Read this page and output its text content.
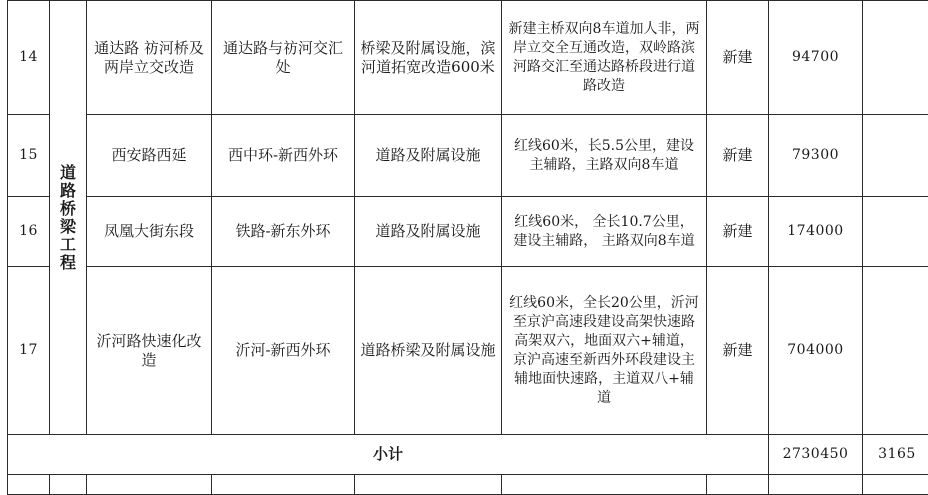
14	道路桥梁工程	通达路 祊河桥及两岸立交改造	通达路与祊河交汇处	桥梁及附属设施，滨河道拓宽改造600米	新建主桥双向8车道加人非，两岸立交全互通改造，双岭路滨河路交汇至通达路桥段进行道路改造	新建	94700		
15		西安路西延	西中环-新西外环	道路及附属设施	红线60米，长5.5公里，建设主辅路，主路双向8车道	新建	79300		
16		凤凰大街东段	铁路-新东外环	道路及附属设施	红线60米， 全长10.7公里，建设主辅路， 主路双向8车道	新建	174000		
17		沂河路快速化改造	沂河-新西外环	道路桥梁及附属设施	红线60米，全长20公里，沂河至京沪高速段建设高架快速路高架双六，地面双六+辅道，京沪高速至新西外环段建设主辅地面快速路，主道双八+辅道	新建	704000		
小计							2730450	3165	
